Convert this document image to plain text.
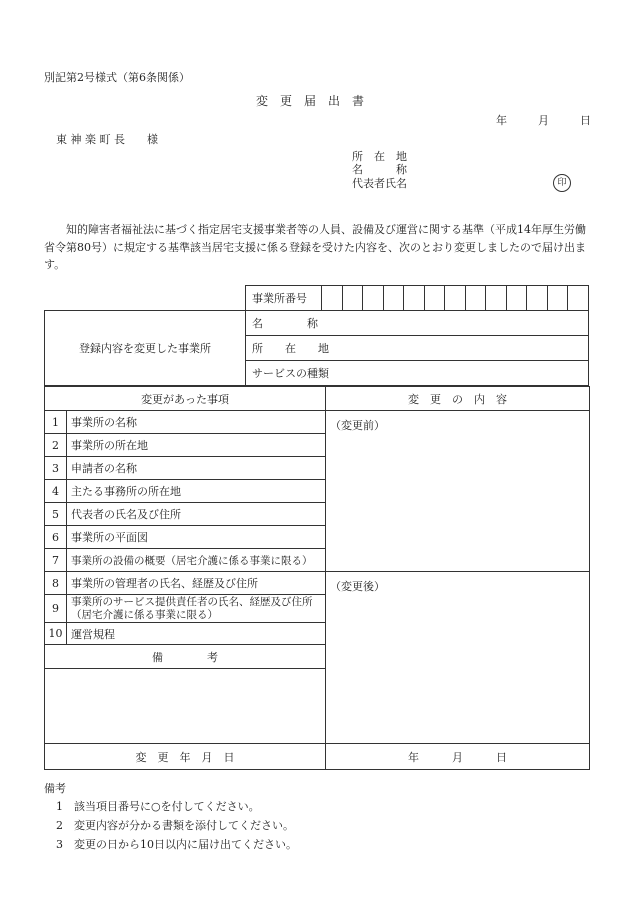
別記第2号様式（第6条関係）
変　更　届　出　書
年	月	日
東 神 楽 町 長　　様
所　在　地
名　　　称
代表者氏名	印
知的障害者福祉法に基づく指定居宅支援事業者等の人員、設備及び運営に関する基準（平成14年厚生労働省令第80号）に規定する基準該当居宅支援に係る登録を受けた内容を、次のとおり変更しましたので届け出ます。
	事業所番号													
登録内容を変更した事業所	名　　　　称													
	所　　在　　地													
	サービスの種類													
変更があった事項		変　更　の　内　容
1	事業所の名称	（変更前）
2	事業所の所在地	
3	申請者の名称	
4	主たる事務所の所在地	
5	代表者の氏名及び住所	
6	事業所の平面図	
7	事業所の設備の概要（居宅介護に係る事業に限る）	
8	事業所の管理者の氏名、経歴及び住所	（変更後）
9	事業所のサービス提供責任者の氏名、経歴及び住所（居宅介護に係る事業に限る）	
10	運営規程	
備　　　　考		

変　更　年　月　日		年　　　月　　　日
備考
1　該当項目番号に○を付してください。
2　変更内容が分かる書類を添付してください。
3　変更の日から10日以内に届け出てください。
